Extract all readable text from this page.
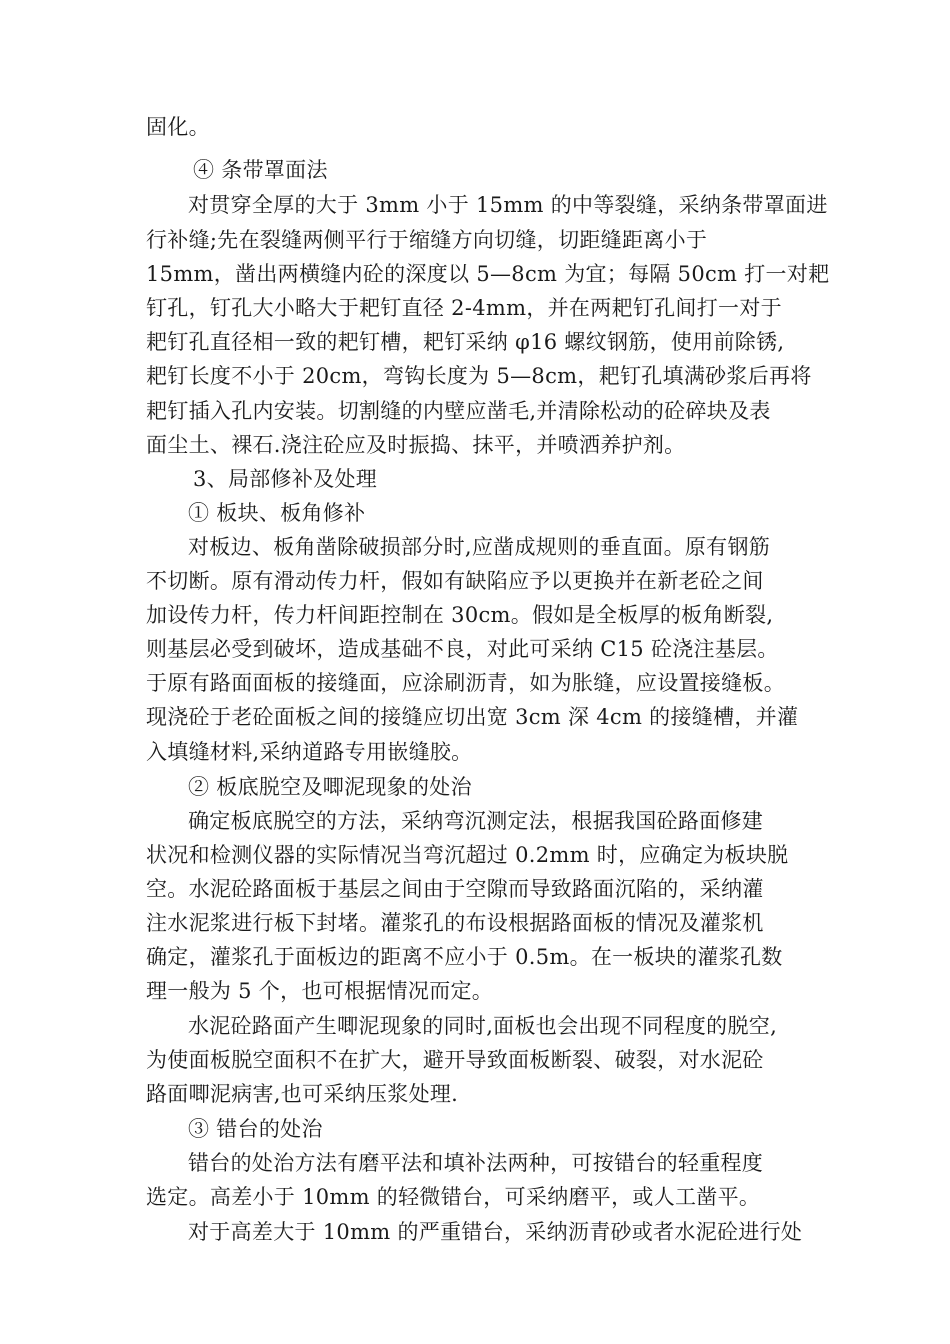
固化。
④ 条带罩面法
对贯穿全厚的大于 3mm 小于 15mm 的中等裂缝，采纳条带罩面进
行补缝;先在裂缝两侧平行于缩缝方向切缝，切距缝距离小于
15mm，凿出两横缝内砼的深度以 5—8cm 为宜；每隔 50cm 打一对耙
钉孔，钉孔大小略大于耙钉直径 2-4mm，并在两耙钉孔间打一对于
耙钉孔直径相一致的耙钉槽，耙钉采纳 φ16 螺纹钢筋，使用前除锈,
耙钉长度不小于 20cm，弯钩长度为 5—8cm，耙钉孔填满砂浆后再将
耙钉插入孔内安装。切割缝的内壁应凿毛,并清除松动的砼碎块及表
面尘土、裸石.浇注砼应及时振捣、抹平，并喷洒养护剂。
3、局部修补及处理
① 板块、板角修补
对板边、板角凿除破损部分时,应凿成规则的垂直面。原有钢筋
不切断。原有滑动传力杆，假如有缺陷应予以更换并在新老砼之间
加设传力杆，传力杆间距控制在 30cm。假如是全板厚的板角断裂,
则基层必受到破坏，造成基础不良，对此可采纳 C15 砼浇注基层。
于原有路面面板的接缝面，应涂刷沥青，如为胀缝，应设置接缝板。
现浇砼于老砼面板之间的接缝应切出宽 3cm 深 4cm 的接缝槽，并灌
入填缝材料,采纳道路专用嵌缝胶。
② 板底脱空及唧泥现象的处治
确定板底脱空的方法，采纳弯沉测定法，根据我国砼路面修建
状况和检测仪器的实际情况当弯沉超过 0.2mm 时，应确定为板块脱
空。水泥砼路面板于基层之间由于空隙而导致路面沉陷的，采纳灌
注水泥浆进行板下封堵。灌浆孔的布设根据路面板的情况及灌浆机
确定，灌浆孔于面板边的距离不应小于 0.5m。在一板块的灌浆孔数
理一般为 5 个，也可根据情况而定。
水泥砼路面产生唧泥现象的同时,面板也会出现不同程度的脱空,
为使面板脱空面积不在扩大，避开导致面板断裂、破裂，对水泥砼
路面唧泥病害,也可采纳压浆处理.
③ 错台的处治
错台的处治方法有磨平法和填补法两种，可按错台的轻重程度
选定。高差小于 10mm 的轻微错台，可采纳磨平，或人工凿平。
对于高差大于 10mm 的严重错台，采纳沥青砂或者水泥砼进行处
